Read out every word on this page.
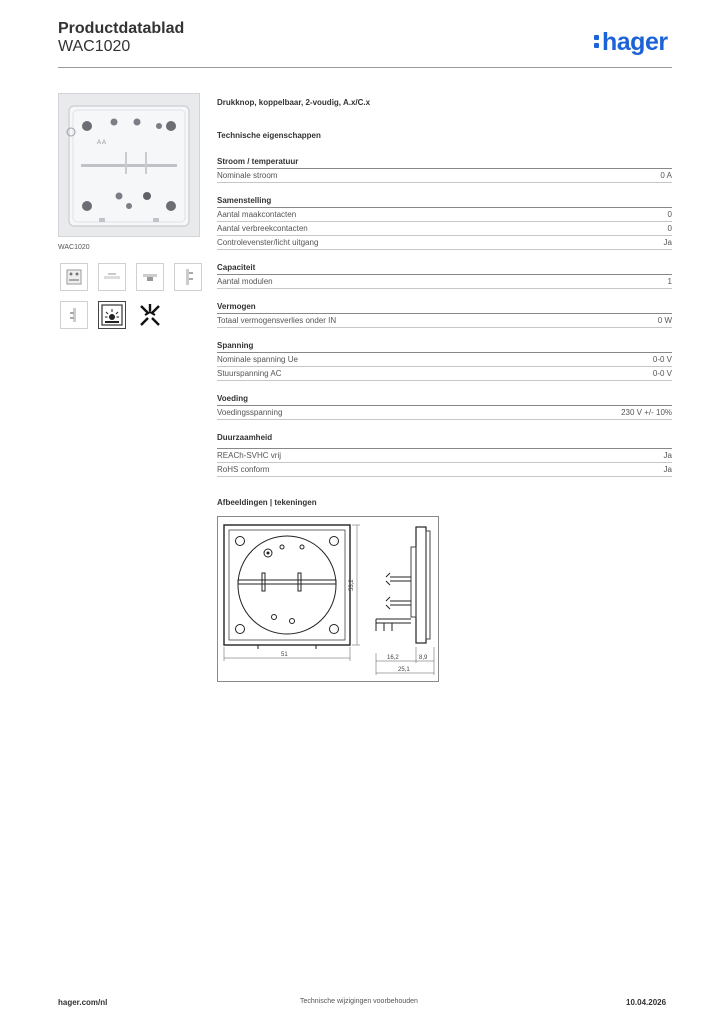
Productdatablad
WAC1020	hager
A A
WAC1020
Drukknop, koppelbaar, 2-voudig, A.x/C.x
Technische eigenschappen
Stroom / temperatuur
Nominale stroom	0 A
Samenstelling
Aantal maakcontacten	0
Aantal verbreekcontacten	0
Controlevenster/licht uitgang	Ja
Capaciteit
Aantal modulen	1
Vermogen
Totaal vermogensverlies onder IN	0 W
Spanning
Nominale spanning Ue	0-0 V
Stuurspanning AC	0-0 V
Voeding
Voedingsspanning	230 V +/- 10%
Duurzaamheid
REACh-SVHC vrij	Ja
RoHS conform	Ja
Afbeeldingen | tekeningen
51
53,2
16,2	8,9
25,1
hager.com/nl	Technische wijzigingen voorbehouden	10.04.2026
